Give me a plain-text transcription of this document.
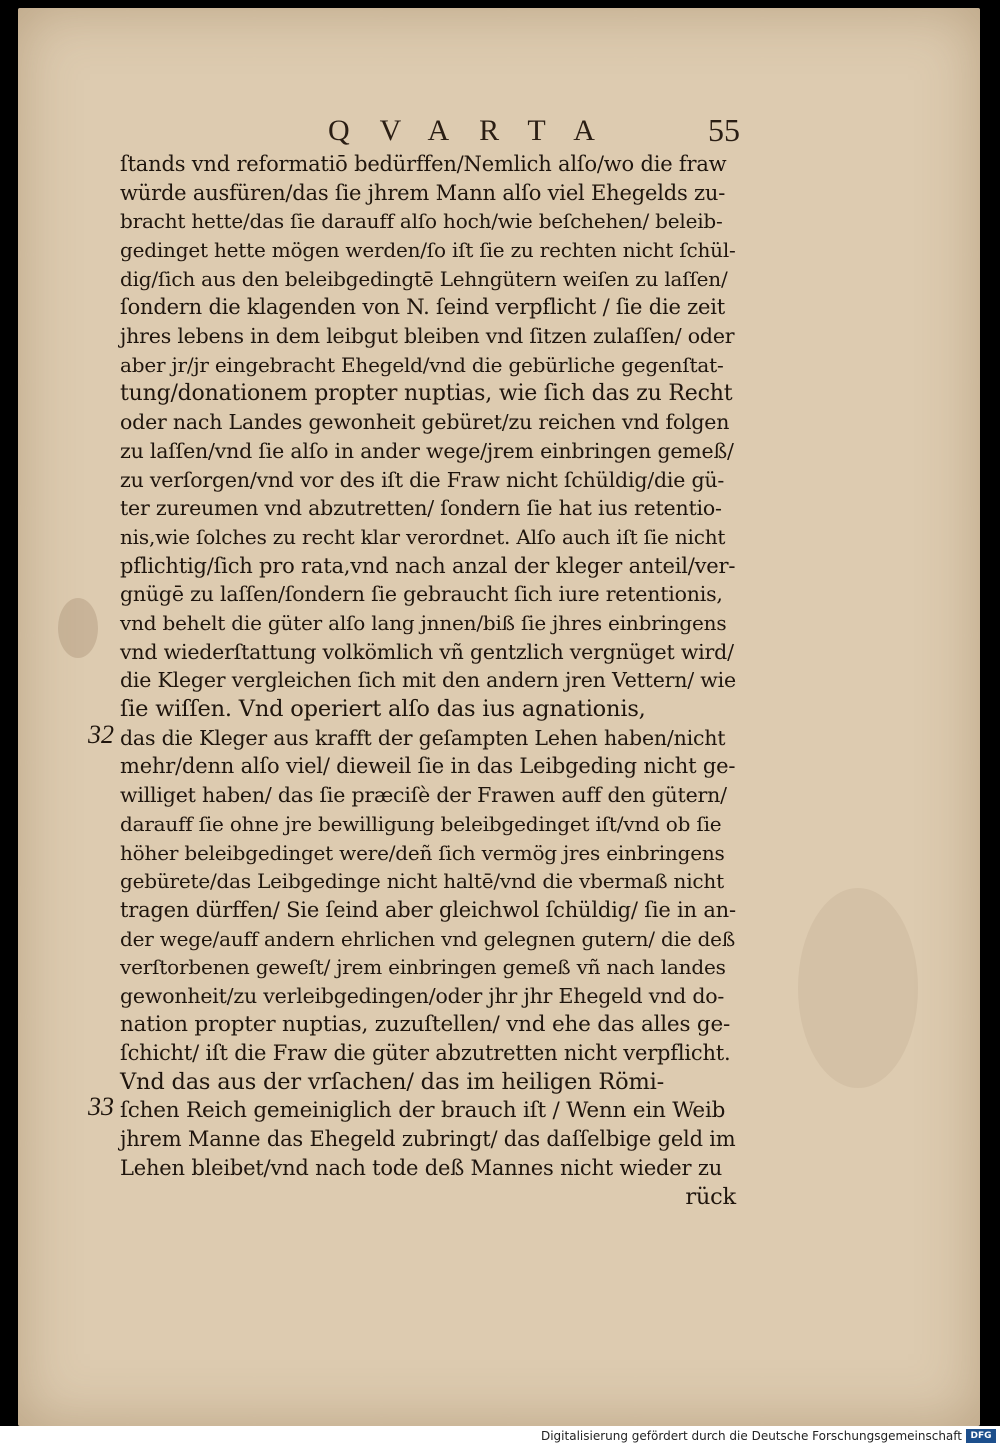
QVARTA	55
ſtands vnd reformatiō bedürffen/Nemlich alſo/wo die fraw
würde ausfüren/das ſie jhrem Mann alſo viel Ehegelds zu-
bracht hette/das ſie darauff alſo hoch/wie beſchehen/ beleib-
gedinget hette mögen werden/ſo iſt ſie zu rechten nicht ſchül-
dig/ſich aus den beleibgedingtē Lehngütern weiſen zu laſſen/
ſondern die klagenden von N. ſeind verpflicht / ſie die zeit
jhres lebens in dem leibgut bleiben vnd ſitzen zulaſſen/ oder
aber jr/jr eingebracht Ehegeld/vnd die gebürliche gegenſtat-
tung/donationem propter nuptias, wie ſich das zu Recht
oder nach Landes gewonheit gebüret/zu reichen vnd folgen
zu laſſen/vnd ſie alſo in ander wege/jrem einbringen gemeß/
zu verſorgen/vnd vor des iſt die Fraw nicht ſchüldig/die gü-
ter zureumen vnd abzutretten/ ſondern ſie hat ius retentio-
nis,wie ſolches zu recht klar verordnet. Alſo auch iſt ſie nicht
pflichtig/ſich pro rata,vnd nach anzal der kleger anteil/ver-
gnügē zu laſſen/ſondern ſie gebraucht ſich iure retentionis,
vnd behelt die güter alſo lang jnnen/biß ſie jhres einbringens
vnd wiederſtattung volkömlich vñ gentzlich vergnüget wird/
die Kleger vergleichen ſich mit den andern jren Vettern/ wie
ſie wiſſen. Vnd operiert alſo das ius agnationis,
das die Kleger aus krafft der geſampten Lehen haben/nicht
mehr/denn alſo viel/ dieweil ſie in das Leibgeding nicht ge-
williget haben/ das ſie præciſè der Frawen auff den gütern/
darauff ſie ohne jre bewilligung beleibgedinget iſt/vnd ob ſie
höher beleibgedinget were/deñ ſich vermög jres einbringens
gebürete/das Leibgedinge nicht haltē/vnd die vbermaß nicht
tragen dürffen/ Sie ſeind aber gleichwol ſchüldig/ ſie in an-
der wege/auff andern ehrlichen vnd gelegnen gutern/ die deß
verſtorbenen geweſt/ jrem einbringen gemeß vñ nach landes
gewonheit/zu verleibgedingen/oder jhr jhr Ehegeld vnd do-
nation propter nuptias, zuzuſtellen/ vnd ehe das alles ge-
ſchicht/ iſt die Fraw die güter abzutretten nicht verpflicht.
Vnd das aus der vrſachen/ das im heiligen Römi-
ſchen Reich gemeiniglich der brauch iſt / Wenn ein Weib
jhrem Manne das Ehegeld zubringt/ das daſſelbige geld im
Lehen bleibet/vnd nach tode deß Mannes nicht wieder zu
rück
32
33
Digitalisierung gefördert durch die Deutsche Forschungsgemeinschaft DFG
